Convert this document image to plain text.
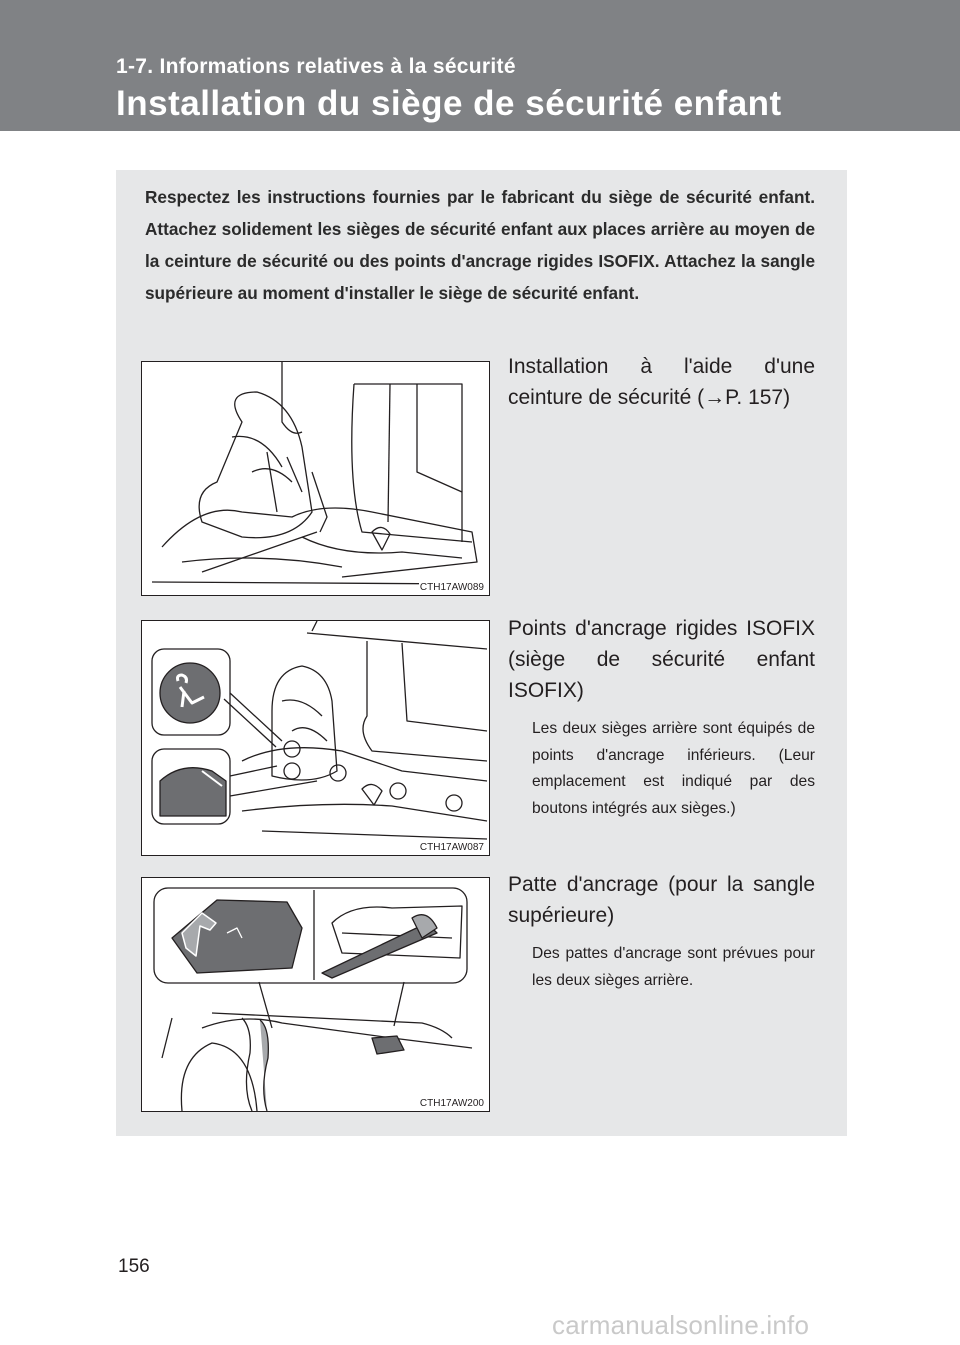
1-7. Informations relatives à la sécurité
Installation du siège de sécurité enfant
Respectez les instructions fournies par le fabricant du siège de sécurité enfant. Attachez solidement les sièges de sécurité enfant aux places arrière au moyen de la ceinture de sécurité ou des points d'ancrage rigides ISOFIX. Attachez la sangle supérieure au moment d'installer le siège de sécurité enfant.
CTH17AW089
Installation à l'aide d'une ceinture de sécurité (→P. 157)
CTH17AW087
Points d'ancrage rigides ISOFIX (siège de sécurité enfant ISOFIX)
Les deux sièges arrière sont équipés de points d'ancrage inférieurs. (Leur emplacement est indiqué par des boutons intégrés aux sièges.)
CTH17AW200
Patte d'ancrage (pour la sangle supérieure)
Des pattes d'ancrage sont prévues pour les deux sièges arrière.
156
carmanualsonline.info
